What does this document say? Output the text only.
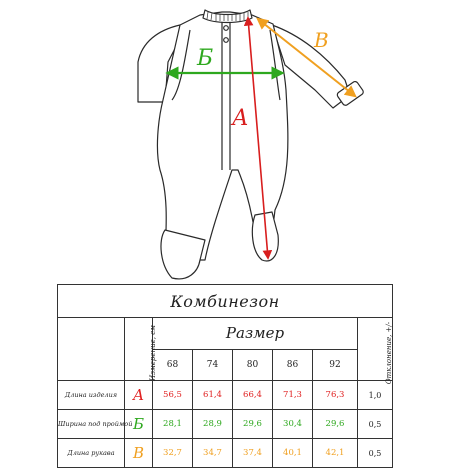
Б
А
В
Комбинезон							
	Измерение, см	Размер					Отклонение, +/-
		68	74	80	86	92	
Длина изделия	А	56,5	61,4	66,4	71,3	76,3	1,0
Ширина под проймой	Б	28,1	28,9	29,6	30,4	29,6	0,5
Длина рукава	В	32,7	34,7	37,4	40,1	42,1	0,5
